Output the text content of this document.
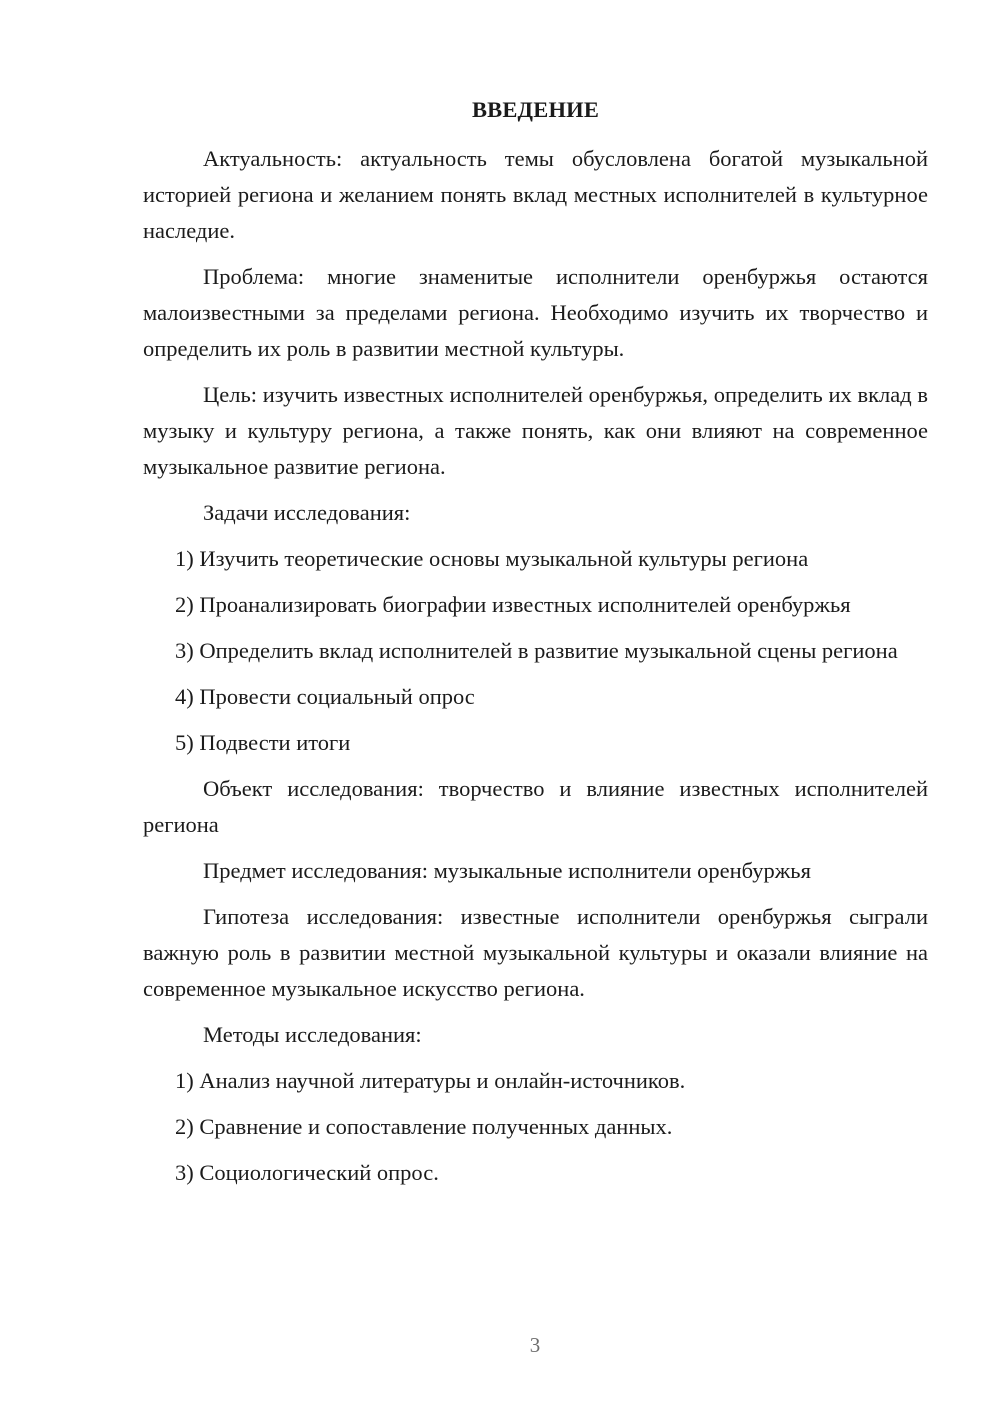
ВВЕДЕНИЕ

Актуальность: актуальность темы обусловлена богатой музыкальной историей региона и желанием понять вклад местных исполнителей в культурное наследие.

Проблема: многие знаменитые исполнители оренбуржья остаются малоизвестными за пределами региона. Необходимо изучить их творчество и определить их роль в развитии местной культуры.

Цель: изучить известных исполнителей оренбуржья, определить их вклад в музыку и культуру региона, а также понять, как они влияют на современное музыкальное развитие региона.

Задачи исследования:

1) Изучить теоретические основы музыкальной культуры региона

2) Проанализировать биографии известных исполнителей оренбуржья

3) Определить вклад исполнителей в развитие музыкальной сцены региона

4) Провести социальный опрос

5) Подвести итоги

Объект исследования: творчество и влияние известных исполнителей региона

Предмет исследования: музыкальные исполнители оренбуржья

Гипотеза исследования: известные исполнители оренбуржья сыграли важную роль в развитии местной музыкальной культуры и оказали влияние на современное музыкальное искусство региона.

Методы исследования:

1) Анализ научной литературы и онлайн-источников.

2) Сравнение и сопоставление полученных данных.

3) Социологический опрос.

3
